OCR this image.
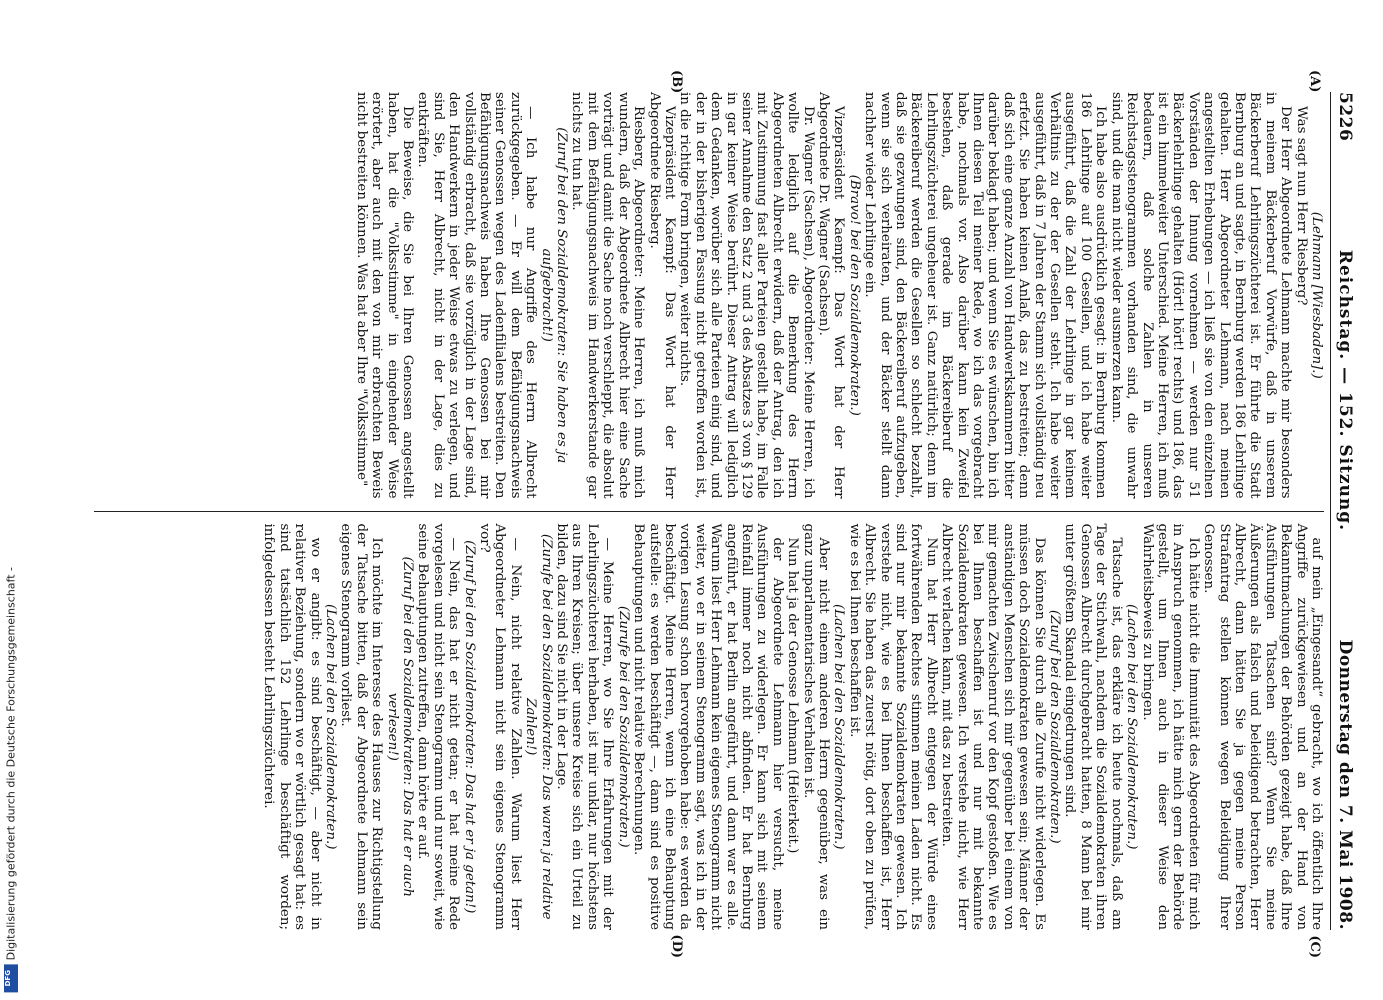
5226
Reichstag. — 152. Sitzung.
Donnerstag den 7. Mai 1908.
(A)
(B)

(Lehmann [Wiesbaden].)

Was sagt nun Herr Riesberg?

Der Herr Abgeordnete Lehmann machte mir besonders in meinem Bäckerberuf Vorwürfe, daß in unserem Bäckerberuf Lehrlingszüchterei ist. Er führte die Stadt Bernburg an und sagte, in Bernburg werden 186 Lehrlinge gehalten. Herr Abgeordneter Lehmann, nach meinen angestellten Erhebungen — ich ließ sie von den einzelnen Vorständen der Innung vornehmen — werden nur 51 Bäckerlehrlinge gehalten (Hört! hört! rechts) und 186, das ist ein himmelweiter Unterschied. Meine Herren, ich muß bedauern, daß solche Zahlen in unseren Reichstagsstenogrammen vorhanden sind, die unwahr sind, und die man nicht wieder ausmerzen kann.

Ich habe also ausdrücklich gesagt: in Bernburg kommen 186 Lehrlinge auf 100 Gesellen, und ich habe weiter ausgeführt, daß die Zahl der Lehrlinge in gar keinem Verhältnis zu der der Gesellen steht. Ich habe weiter ausgeführt, daß in 7 Jahren der Stamm sich vollständig neu erfetzt. Sie haben keinen Anlaß, das zu bestreiten; denn daß sich eine ganze Anzahl von Handwerkskammern bitter darüber beklagt haben; und wenn Sie es wünschen, bin ich Ihnen diesen Teil meiner Rede, wo ich das vorgebracht habe, nochmals vor. Also darüber kann kein Zweifel bestehen, daß gerade im Bäckereiberuf die Lehrlingszüchterei ungeheuer ist. Ganz natürlich; denn im Bäckereiberuf werden die Gesellen so schlecht bezahlt, daß sie gezwungen sind, den Bäckereiberuf aufzugeben, wenn sie sich verheiraten, und der Bäcker stellt dann nachher wieder Lehrlinge ein.

(Bravo! bei den Sozialdemokraten.)

Vizepräsident Kaempf: Das Wort hat der Herr Abgeordnete Dr. Wagner (Sachsen).

Dr. Wagner (Sachsen), Abgeordneter: Meine Herren, ich wollte lediglich auf die Bemerkung des Herrn Abgeordneten Albrecht erwidern, daß der Antrag, den ich mit Zustimmung fast aller Parteien gestellt habe, im Falle seiner Annahme den Satz 2 und 3 des Absatzes 3 von § 129 in gar keiner Weise berührt. Dieser Antrag will lediglich dem Gedanken, worüber sich alle Parteien einig sind, und der in der bisherigen Fassung nicht getroffen worden ist, in die richtige Form bringen, weiter nichts.

Vizepräsident Kaempf: Das Wort hat der Herr Abgeordnete Riesberg.

Riesberg, Abgeordneter: Meine Herren, ich muß mich wundern, daß der Abgeordnete Albrecht hier eine Sache vorträgt und damit die Sache noch verschleppt, die absolut mit dem Befähigungsnachweis im Handwerkerstande gar nichts zu tun hat.

(Zuruf bei den Sozialdemokraten: Sie haben es ja aufgebracht!)

— Ich habe nur Angriffe des Herrn Albrecht zurückgegeben. — Er will dem Befähigungsnachweis seiner Genossen wegen des Ladenfilialens bestreiten. Den Befähigungsnachweis haben Ihre Genossen bei mir vollständig erbracht, daß sie vorzüglich in der Lage sind, den Handwerkern in jeder Weise etwas zu verlegen, und sind Sie, Herr Albrecht, nicht in der Lage, dies zu entkräften.

Die Beweise, die Sie bei Ihren Genossen angestellt haben, hat die "Volksstimme" in eingehender Weise erörtert, aber auch mit den von mir erbrachten Beweis nicht bestreiten können. Was hat aber Ihre "Volksstimme"

(C)
(D)

auf mein „Eingesandt“ gebracht, wo ich öffentlich Ihre Angriffe zurückgewiesen und an der Hand von Bekanntmachungen der Behörden gezeigt habe, daß Ihre Ausführungen Tatsachen sind? Wenn Sie meine Äußerungen als falsch und beleidigend betrachten, Herr Albrecht, dann hätten Sie ja gegen meine Person Strafantrag stellen können wegen Beleidigung Ihrer Genossen.

Ich hätte nicht die Immunität des Abgeordneten für mich in Anspruch genommen, ich hätte mich gern der Behörde gestellt, um Ihnen auch in dieser Weise den Wahrheitsbeweis zu bringen.

(Lachen bei den Sozialdemokraten.)

Tatsache ist, das erkläre ich heute nochmals, daß am Tage der Stichwahl, nachdem die Sozialdemokraten ihren Genossen Albrecht durchgebracht hatten, 8 Mann bei mir unter größtem Skandal eingedrungen sind.

(Zuruf bei den Sozialdemokraten.)

Das können Sie durch alle Zurufe nicht widerlegen. Es müssen doch Sozialdemokraten gewesen sein; Männer der anständigen Menschen sich mir gegenüber bei einem von mir gemachten Zwischenruf vor den Kopf gestoßen. Wie es bei Ihnen beschaffen ist und nur mit bekannte Sozialdemokraten gewesen. Ich verstehe nicht, wie Herr Albrecht verlachen kann, mit das zu bestreiten.

Nun hat Herr Albrecht entgegen der Würde eines fortwährenden Rechtes stimmen meinen Laden nicht. Es sind nur mir bekannte Sozialdemokraten gewesen. Ich verstehe nicht, wie es bei Ihnen beschaffen ist, Herr Albrecht. Sie haben das zuerst nötig, dort oben zu prüfen, wie es bei Ihnen beschaffen ist.

(Lachen bei den Sozialdemokraten.)

Aber nicht einem anderen Herrn gegenüber, was ein ganz unparlamentarisches Verhalten ist.

Nun hat ja der Genosse Lehmann (Heiterkeit.)

der Abgeordnete Lehmann hier versucht, meine Ausführungen zu widerlegen. Er kann sich mit seinem Reinfall immer noch nicht abfinden. Er hat Bernburg angeführt, er hat Berlin angeführt, und dann war es alle. Warum liest Herr Lehmann kein eigenes Stenogramm nicht weiter, wo er in seinem Stenogramm sagt, was ich in der vorigen Lesung schon hervorgehoben habe: es werden da beschäftigt. Meine Herren, wenn ich eine Behauptung aufstelle: es werden beschäftigt —, dann sind es positive Behauptungen und nicht relative Berechnungen.

(Zurufe bei den Sozialdemokraten.)

— Meine Herren, wo Sie Ihre Erfahrungen mit der Lehrlingszüchterei herhaben, ist mir unklar, nur höchstens aus Ihren Kreisen; über unsere Kreise sich ein Urteil zu bilden, dazu sind Sie nicht in der Lage.

(Zurufe bei den Sozialdemokraten: Das waren ja relative Zahlen!)

— Nein, nicht relative Zahlen. Warum liest Herr Abgeordneter Lehmann nicht sein eigenes Stenogramm vor?

(Zuruf bei den Sozialdemokraten: Das hat er ja getan!)

— Nein, das hat er nicht getan; er hat meine Rede vorgelesen und nicht sein Stenogramm und nur soweit, wie seine Behauptungen zutreffen, dann hörte er auf.

(Zuruf bei den Sozialdemokraten: Das hat er auch verlesen!)

Ich möchte im Interesse des Hauses zur Richtigstellung der Tatsache bitten, daß der Abgeordnete Lehmann sein eigenes Stenogramm vorliest.

(Lachen bei den Sozialdemokraten.)

wo er angibt: es sind beschäftigt, — aber nicht in relativer Beziehung, sondern wo er wörtlich gesagt hat: es sind tatsächlich 152 Lehrlinge beschäftigt worden; infolgedessen besteht Lehrlingszüchterei.

DFG
Digitalisierung gefördert durch die Deutsche Forschungsgemeinschaft -
